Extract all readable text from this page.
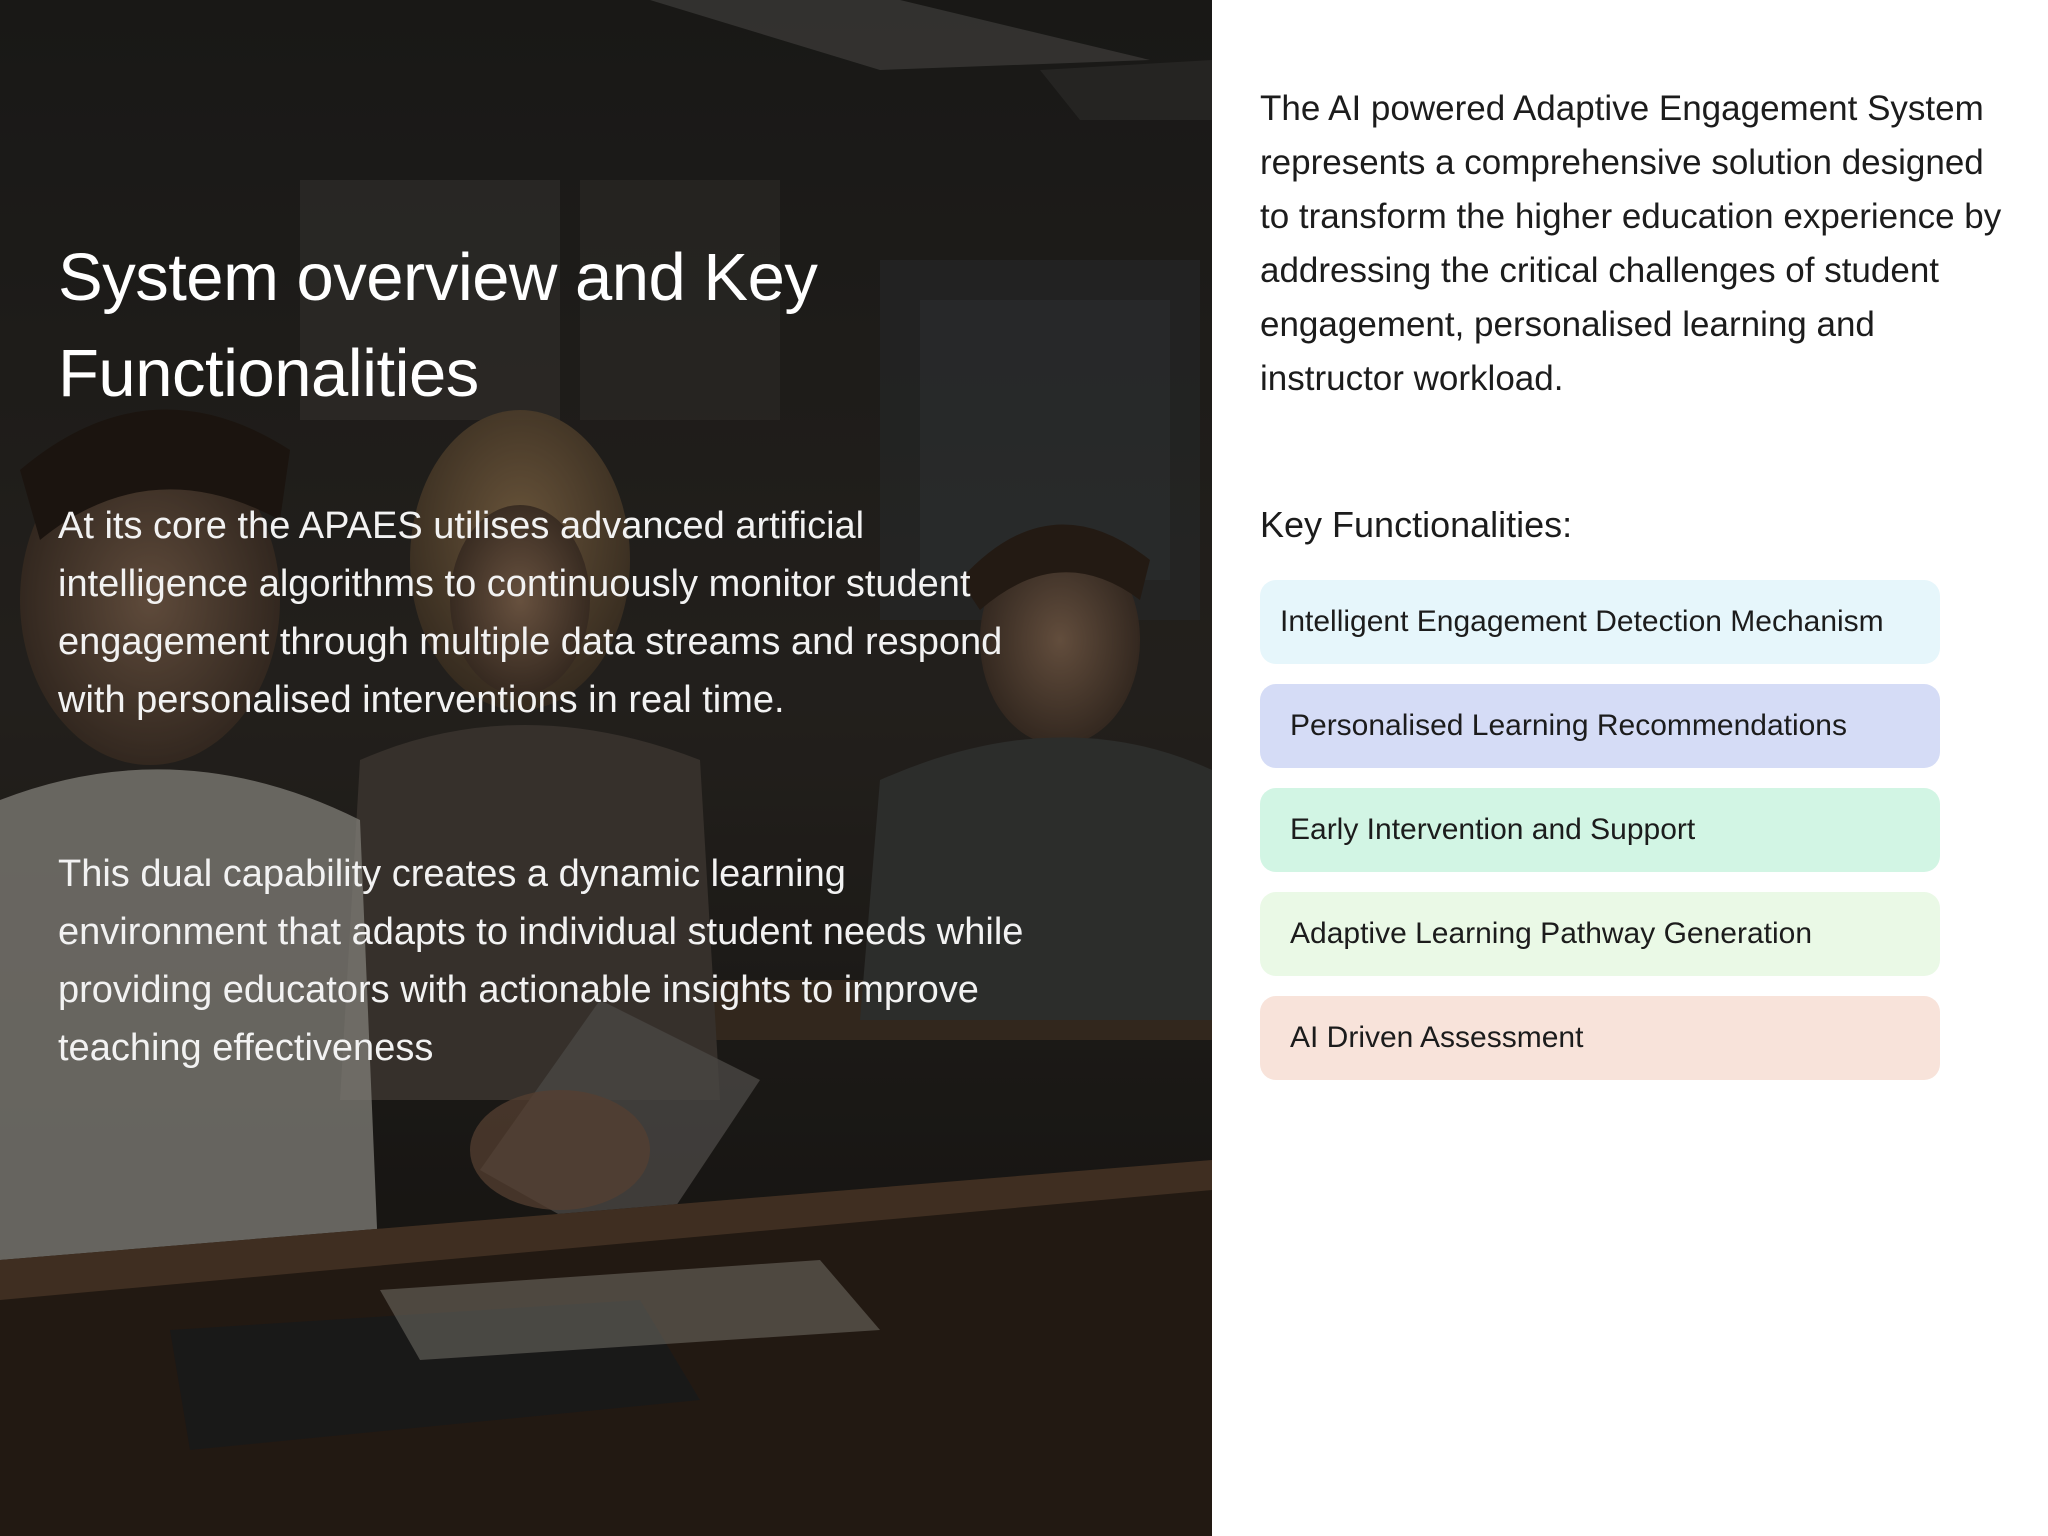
System overview and Key Functionalities

At its core the APAES utilises advanced artificial intelligence algorithms to continuously monitor student engagement through multiple data streams and respond with personalised interventions in real time.

This dual capability creates a dynamic learning environment that adapts to individual student needs while providing educators with actionable insights to improve teaching effectiveness

The AI powered Adaptive Engagement System represents a comprehensive solution designed to transform the higher education experience by addressing the critical challenges of student engagement, personalised learning and instructor workload.

Key Functionalities:
Intelligent Engagement Detection Mechanism
Personalised Learning Recommendations
Early Intervention and Support
Adaptive Learning Pathway Generation
AI Driven Assessment
